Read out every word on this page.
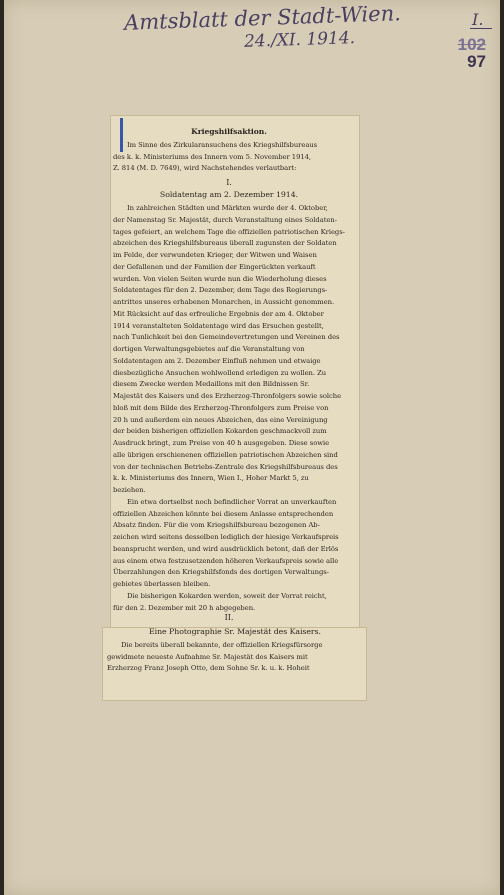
Amtsblatt der Stadt-Wien.
24./XI. 1914.
I.
102
97
Kriegshilfsaktion.
Im Sinne des Zirkularansuchens des Kriegshilfsbureaus
des k. k. Ministeriums des Innern vom 5. November 1914,
Z. 814 (M. D. 7649), wird Nachstehendes verlautbart:
I.
Soldatentag am 2. Dezember 1914.
In zahlreichen Städten und Märkten wurde der 4. Oktober,
der Namenstag Sr. Majestät, durch Veranstaltung eines Soldaten-
tages gefeiert, an welchem Tage die offiziellen patriotischen Kriegs-
abzeichen des Kriegshilfsbureaus überall zugunsten der Soldaten
im Felde, der verwundeten Krieger, der Witwen und Waisen
der Gefallenen und der Familien der Eingerückten verkauft
wurden. Von vielen Seiten wurde nun die Wiederholung dieses
Soldatentages für den 2. Dezember, dem Tage des Regierungs-
antrittes unseres erhabenen Monarchen, in Aussicht genommen.
Mit Rücksicht auf das erfreuliche Ergebnis der am 4. Oktober
1914 veranstalteten Soldatentage wird das Ersuchen gestellt,
nach Tunlichkeit bei den Gemeindevertretungen und Vereinen des
dortigen Verwaltungsgebietes auf die Veranstaltung von
Soldatentagen am 2. Dezember Einfluß nehmen und etwaige
diesbezügliche Ansuchen wohlwollend erledigen zu wollen. Zu
diesem Zwecke werden Medaillons mit den Bildnissen Sr.
Majestät des Kaisers und des Erzherzog-Thronfolgers sowie solche
bloß mit dem Bilde des Erzherzog-Thronfolgers zum Preise von
20 h und außerdem ein neues Abzeichen, das eine Vereinigung
der beiden bisherigen offiziellen Kokarden geschmackvoll zum
Ausdruck bringt, zum Preise von 40 h ausgegeben. Diese sowie
alle übrigen erschienenen offiziellen patriotischen Abzeichen sind
von der technischen Betriebs-Zentrale des Kriegshilfsbureaus des
k. k. Ministeriums des Innern, Wien I., Hoher Markt 5, zu
beziehen.
Ein etwa dortselbst noch befindlicher Vorrat an unverkauften
offiziellen Abzeichen könnte bei diesem Anlasse entsprechenden
Absatz finden. Für die vom Kriegshilfsbureau bezogenen Ab-
zeichen wird seitens desselben lediglich der hiesige Verkaufspreis
beansprucht werden, und wird ausdrücklich betont, daß der Erlös
aus einem etwa festzusetzenden höheren Verkaufspreis sowie alle
Überzahlungen den Kriegshilfsfonds des dortigen Verwaltungs-
gebietes überlassen bleiben.
Die bisherigen Kokarden werden, soweit der Vorrat reicht,
für den 2. Dezember mit 20 h abgegeben.
II.
Eine Photographie Sr. Majestät des Kaisers.
Die bereits überall bekannte, der offiziellen Kriegsfürsorge
gewidmete neueste Aufnahme Sr. Majestät des Kaisers mit
Erzherzog Franz Joseph Otto, dem Sohne Sr. k. u. k. Hoheit
